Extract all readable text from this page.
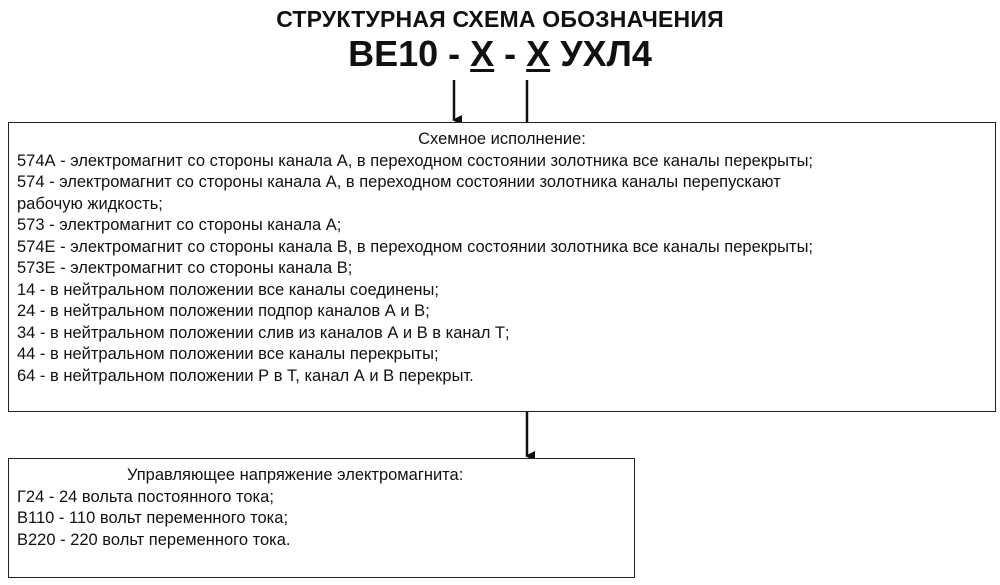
СТРУКТУРНАЯ СХЕМА ОБОЗНАЧЕНИЯ
ВЕ10 - Х - Х УХЛ4
Схемное исполнение:
574А - электромагнит со стороны канала А, в переходном состоянии золотника все каналы перекрыты;
574 - электромагнит со стороны канала А, в переходном состоянии золотника каналы перепускают
рабочую жидкость;
573 - электромагнит со стороны канала А;
574Е - электромагнит со стороны канала В, в переходном состоянии золотника все каналы перекрыты;
573Е - электромагнит со стороны канала В;
14 - в нейтральном положении все каналы соединены;
24 - в нейтральном положении подпор каналов А и В;
34 - в нейтральном положении слив из каналов А и В в канал Т;
44 - в нейтральном положении все каналы перекрыты;
64 - в нейтральном положении Р в Т, канал А и В перекрыт.
Управляющее напряжение электромагнита:
Г24 - 24 вольта постоянного тока;
В110 - 110 вольт переменного тока;
В220 - 220 вольт переменного тока.
